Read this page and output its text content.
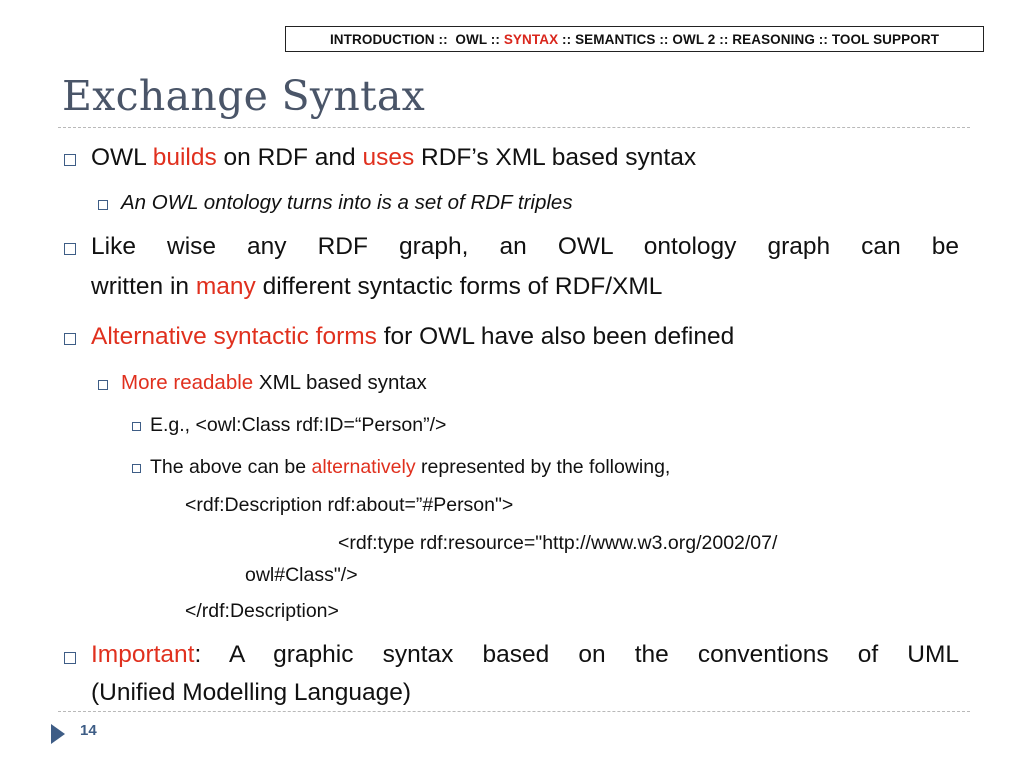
INTRODUCTION ::  OWL :: SYNTAX :: SEMANTICS :: OWL 2 :: REASONING :: TOOL SUPPORT
Exchange Syntax
OWL builds on RDF and uses RDF’s XML based syntax
An OWL ontology turns into is a set of RDF triples
Like wise any RDF graph, an OWL ontology graph can be
written in many different syntactic forms of RDF/XML
Alternative syntactic forms for OWL have also been defined
More readable XML based syntax
E.g., <owl:Class rdf:ID=“Person”/>
The above can be alternatively represented by the following,
<rdf:Description rdf:about=”#Person">
<rdf:type rdf:resource="http://www.w3.org/2002/07/
owl#Class"/>
</rdf:Description>
Important: A graphic syntax based on the conventions of UML
(Unified Modelling Language)
14
